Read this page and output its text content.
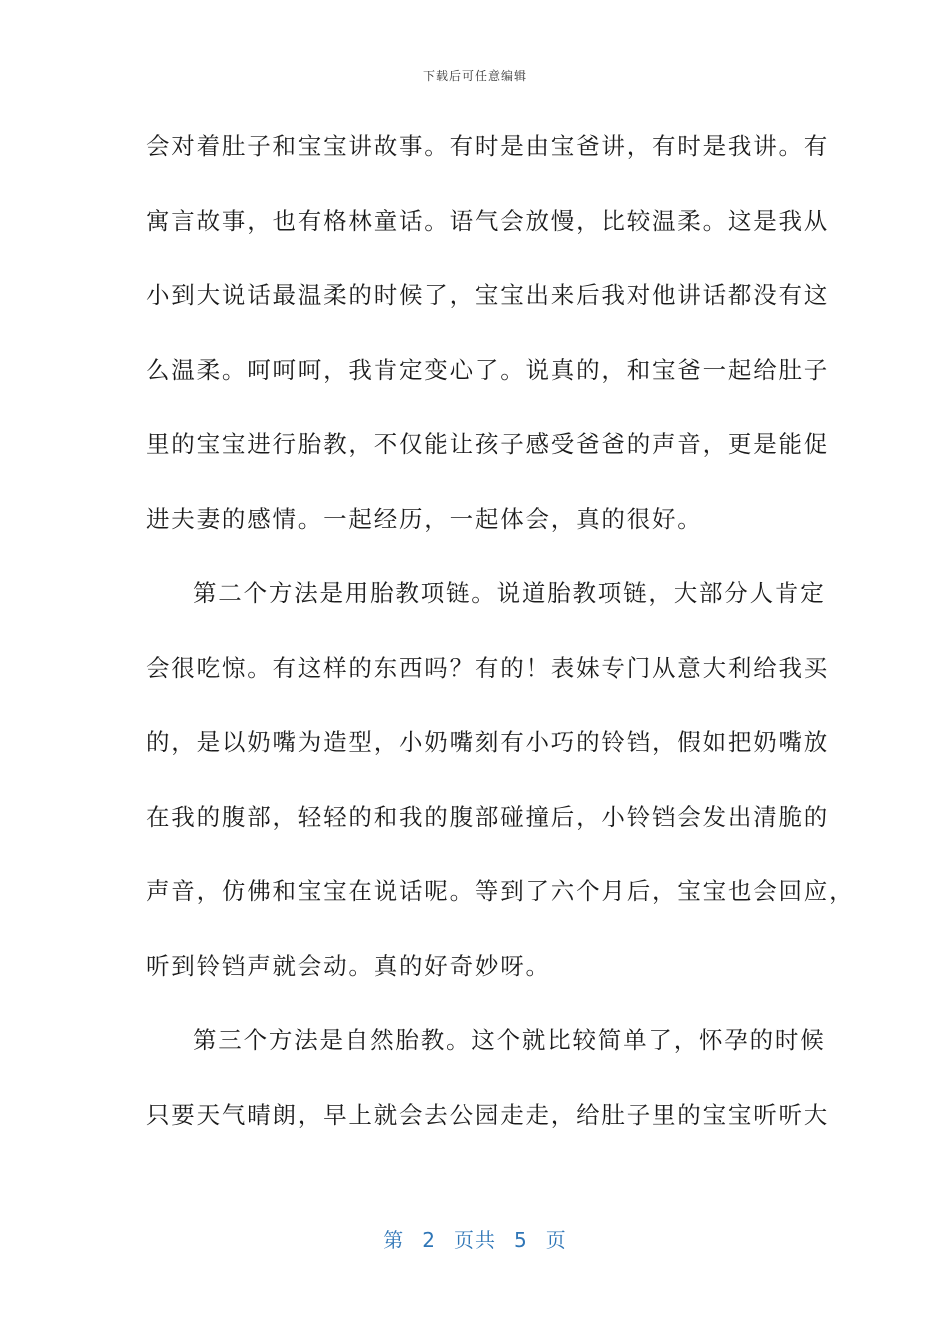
下载后可任意编辑
会对着肚子和宝宝讲故事。有时是由宝爸讲，有时是我讲。有
寓言故事，也有格林童话。语气会放慢，比较温柔。这是我从
小到大说话最温柔的时候了，宝宝出来后我对他讲话都没有这
么温柔。呵呵呵，我肯定变心了。说真的，和宝爸一起给肚子
里的宝宝进行胎教，不仅能让孩子感受爸爸的声音，更是能促
进夫妻的感情。一起经历，一起体会，真的很好。
第二个方法是用胎教项链。说道胎教项链，大部分人肯定
会很吃惊。有这样的东西吗？有的！表妹专门从意大利给我买
的，是以奶嘴为造型，小奶嘴刻有小巧的铃铛，假如把奶嘴放
在我的腹部，轻轻的和我的腹部碰撞后，小铃铛会发出清脆的
声音，仿佛和宝宝在说话呢。等到了六个月后，宝宝也会回应，
听到铃铛声就会动。真的好奇妙呀。
第三个方法是自然胎教。这个就比较简单了，怀孕的时候
只要天气晴朗，早上就会去公园走走，给肚子里的宝宝听听大
第 2 页共 5 页
